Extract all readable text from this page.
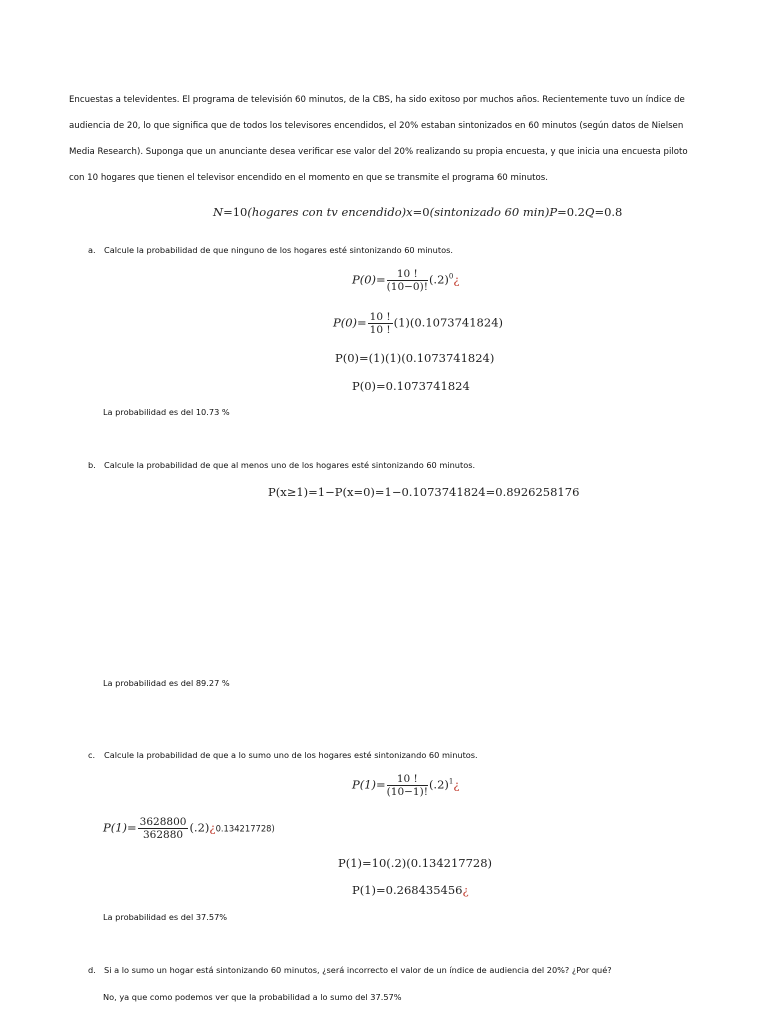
Encuestas a televidentes. El programa de televisión 60 minutos, de la CBS, ha sido exitoso por muchos años. Recientemente tuvo un índice de

audiencia de 20, lo que significa que de todos los televisores encendidos, el 20% estaban sintonizados en 60 minutos (según datos de Nielsen

Media Research). Suponga que un anunciante desea verificar ese valor del 20% realizando su propia encuesta, y que inicia una encuesta piloto

con 10 hogares que tienen el televisor encendido en el momento en que se transmite el programa 60 minutos.

N=10(hogares con tv encendido)x=0(sintonizado 60 min)P=0.2Q=0.8
a. Calcule la probabilidad de que ninguno de los hogares esté sintonizando 60 minutos.
$P(0)= \frac{10 !}{(10-0)!}$ $(.2)^0¿$
$P(0)= \frac{10 !}{10 !} (1)(0.1073741824)$
P(0)=(1)(1)(0.1073741824)
P(0)=0.1073741824
La probabilidad es del 10.73 %
b. Calcule la probabilidad de que al menos uno de los hogares esté sintonizando 60 minutos.
P(x≥1)=1−P(x=0)=1−0.1073741824=0.8926258176
La probabilidad es del 89.27 %
c. Calcule la probabilidad de que a lo sumo uno de los hogares esté sintonizando 60 minutos.
$P(1)= \frac{10 !}{(10-1)!}$ $(.2)^1¿$
$P(1)= \frac{3628800}{362880}$ (.2)¿0.134217728)
P(1)=10(.2)(0.134217728)
P(1)=0.268435456¿
La probabilidad es del 37.57%
d. Si a lo sumo un hogar está sintonizando 60 minutos, ¿será incorrecto el valor de un índice de audiencia del 20%? ¿Por qué?
No, ya que como podemos ver que la probabilidad a lo sumo del 37.57%
